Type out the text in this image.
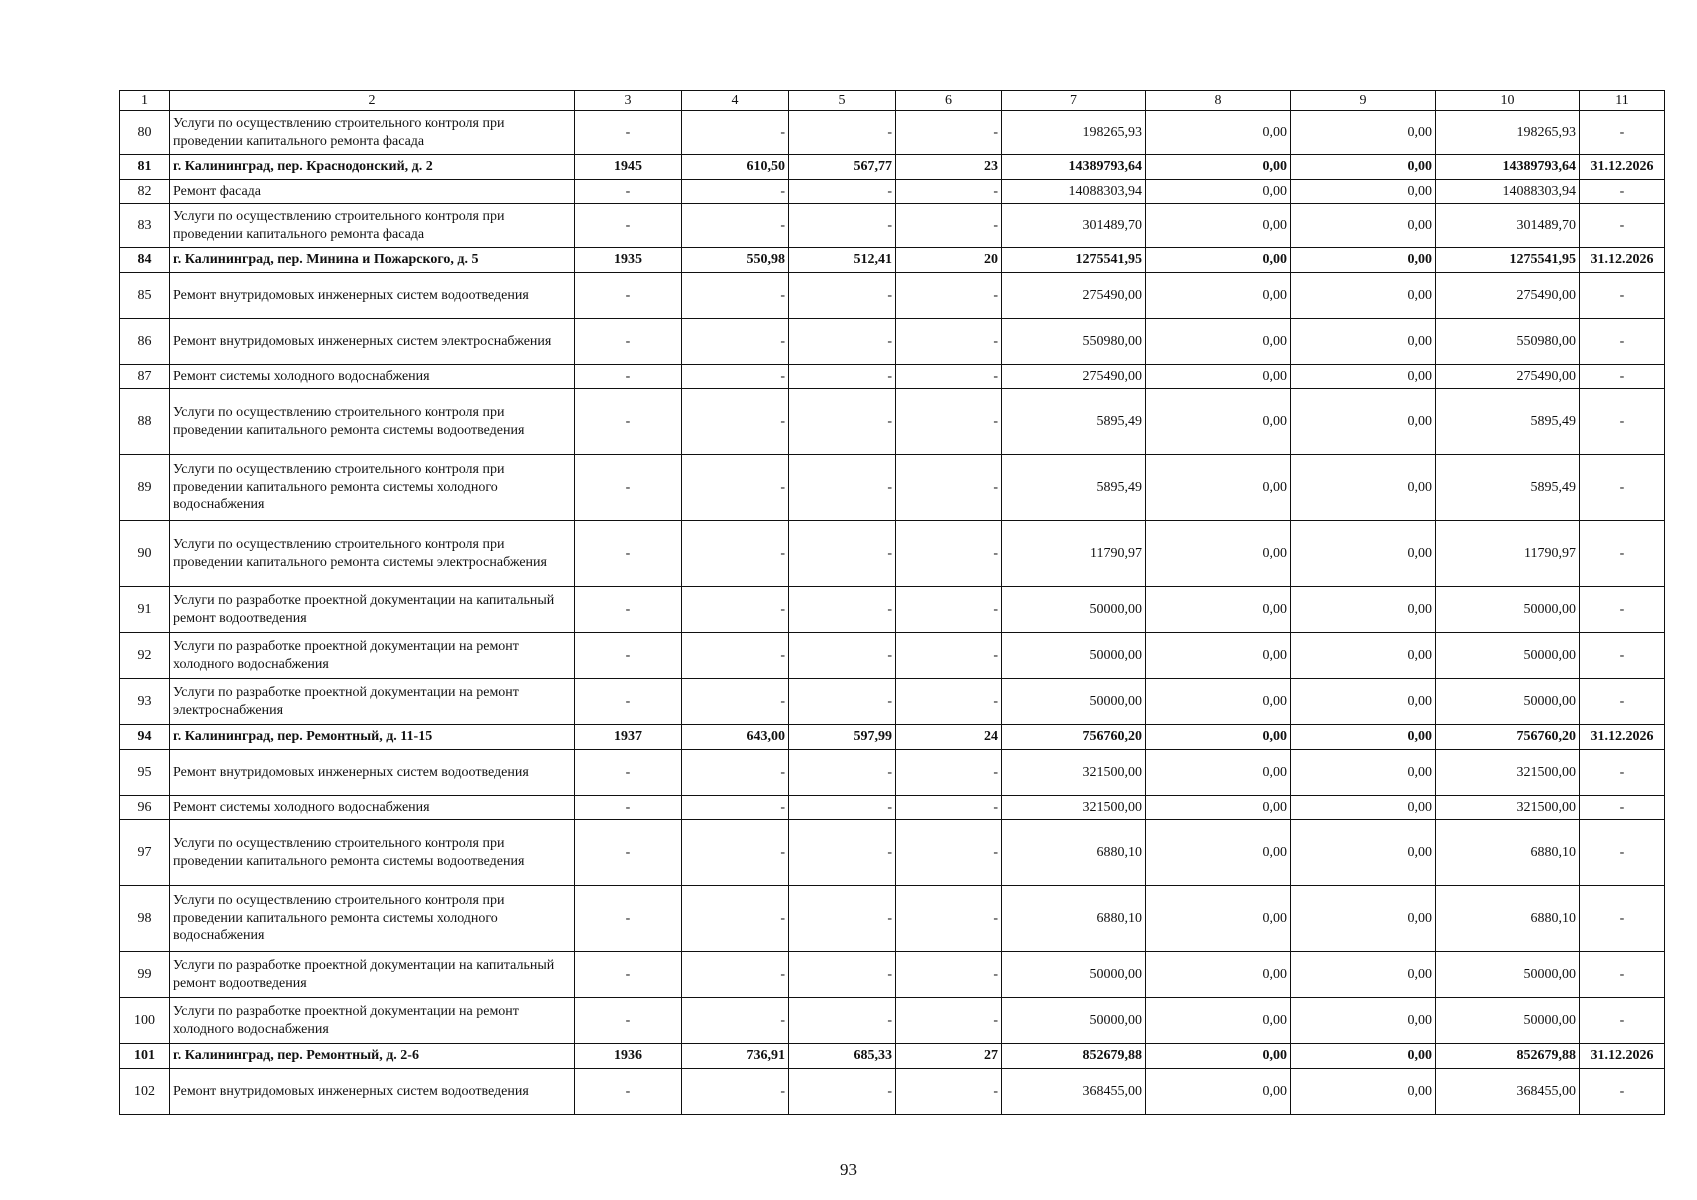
1	2	3	4	5	6	7	8	9	10	11
80	Услуги по осуществлению строительного контроля при проведении капитального ремонта фасада	-	-	-	-	198265,93	0,00	0,00	198265,93	-
81	г. Калининград, пер. Краснодонский, д. 2	1945	610,50	567,77	23	14389793,64	0,00	0,00	14389793,64	31.12.2026
82	Ремонт фасада	-	-	-	-	14088303,94	0,00	0,00	14088303,94	-
83	Услуги по осуществлению строительного контроля при проведении капитального ремонта фасада	-	-	-	-	301489,70	0,00	0,00	301489,70	-
84	г. Калининград, пер. Минина и Пожарского, д. 5	1935	550,98	512,41	20	1275541,95	0,00	0,00	1275541,95	31.12.2026
85	Ремонт внутридомовых инженерных систем водоотведения	-	-	-	-	275490,00	0,00	0,00	275490,00	-
86	Ремонт внутридомовых инженерных систем электроснабжения	-	-	-	-	550980,00	0,00	0,00	550980,00	-
87	Ремонт системы холодного водоснабжения	-	-	-	-	275490,00	0,00	0,00	275490,00	-
88	Услуги по осуществлению строительного контроля при проведении капитального ремонта системы водоотведения	-	-	-	-	5895,49	0,00	0,00	5895,49	-
89	Услуги по осуществлению строительного контроля при проведении капитального ремонта системы холодного водоснабжения	-	-	-	-	5895,49	0,00	0,00	5895,49	-
90	Услуги по осуществлению строительного контроля при проведении капитального ремонта системы электроснабжения	-	-	-	-	11790,97	0,00	0,00	11790,97	-
91	Услуги по разработке проектной документации на капитальный ремонт водоотведения	-	-	-	-	50000,00	0,00	0,00	50000,00	-
92	Услуги по разработке проектной документации на ремонт холодного водоснабжения	-	-	-	-	50000,00	0,00	0,00	50000,00	-
93	Услуги по разработке проектной документации на ремонт электроснабжения	-	-	-	-	50000,00	0,00	0,00	50000,00	-
94	г. Калининград, пер. Ремонтный, д. 11-15	1937	643,00	597,99	24	756760,20	0,00	0,00	756760,20	31.12.2026
95	Ремонт внутридомовых инженерных систем водоотведения	-	-	-	-	321500,00	0,00	0,00	321500,00	-
96	Ремонт системы холодного водоснабжения	-	-	-	-	321500,00	0,00	0,00	321500,00	-
97	Услуги по осуществлению строительного контроля при проведении капитального ремонта системы водоотведения	-	-	-	-	6880,10	0,00	0,00	6880,10	-
98	Услуги по осуществлению строительного контроля при проведении капитального ремонта системы холодного водоснабжения	-	-	-	-	6880,10	0,00	0,00	6880,10	-
99	Услуги по разработке проектной документации на капитальный ремонт водоотведения	-	-	-	-	50000,00	0,00	0,00	50000,00	-
100	Услуги по разработке проектной документации на ремонт холодного водоснабжения	-	-	-	-	50000,00	0,00	0,00	50000,00	-
101	г. Калининград, пер. Ремонтный, д. 2-6	1936	736,91	685,33	27	852679,88	0,00	0,00	852679,88	31.12.2026
102	Ремонт внутридомовых инженерных систем водоотведения	-	-	-	-	368455,00	0,00	0,00	368455,00	-
93
